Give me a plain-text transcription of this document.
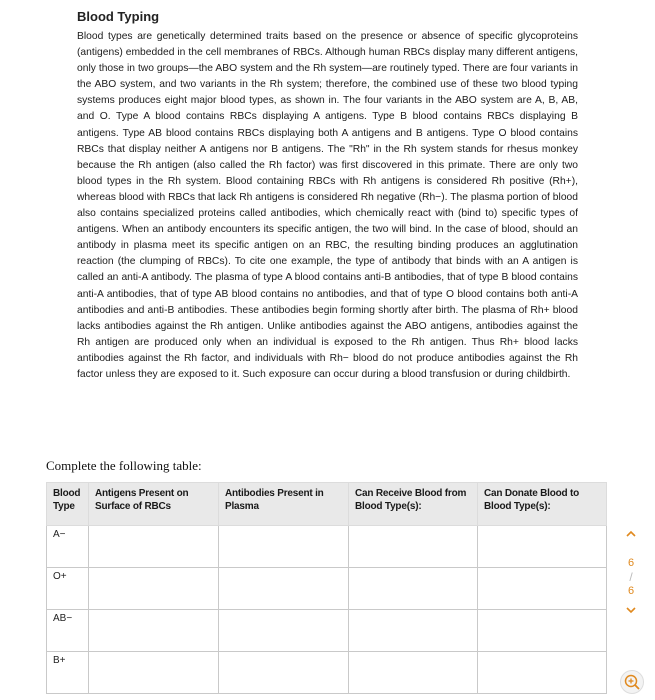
Blood Typing

Blood types are genetically determined traits based on the presence or absence of specific glycoproteins (antigens) embedded in the cell membranes of RBCs. Although human RBCs display many different antigens, only those in two groups—the ABO system and the Rh system—are routinely typed. There are four variants in the ABO system, and two variants in the Rh system; therefore, the combined use of these two blood typing systems produces eight major blood types, as shown in. The four variants in the ABO system are A, B, AB, and O. Type A blood contains RBCs displaying A antigens. Type B blood contains RBCs displaying B antigens. Type AB blood contains RBCs displaying both A antigens and B antigens. Type O blood contains RBCs that display neither A antigens nor B antigens. The "Rh" in the Rh system stands for rhesus monkey because the Rh antigen (also called the Rh factor) was first discovered in this primate. There are only two blood types in the Rh system. Blood containing RBCs with Rh antigens is considered Rh positive (Rh+), whereas blood with RBCs that lack Rh antigens is considered Rh negative (Rh−). The plasma portion of blood also contains specialized proteins called antibodies, which chemically react with (bind to) specific types of antigens. When an antibody encounters its specific antigen, the two will bind. In the case of blood, should an antibody in plasma meet its specific antigen on an RBC, the resulting binding produces an agglutination reaction (the clumping of RBCs). To cite one example, the type of antibody that binds with an A antigen is called an anti-A antibody. The plasma of type A blood contains anti-B antibodies, that of type B blood contains anti-A antibodies, that of type AB blood contains no antibodies, and that of type O blood contains both anti-A antibodies and anti-B antibodies. These antibodies begin forming shortly after birth. The plasma of Rh+ blood lacks antibodies against the Rh antigen. Unlike antibodies against the ABO antigens, antibodies against the Rh antigen are produced only when an individual is exposed to the Rh antigen. Thus Rh+ blood lacks antibodies against the Rh factor, and individuals with Rh− blood do not produce antibodies against the Rh factor unless they are exposed to it. Such exposure can occur during a blood transfusion or during childbirth.

Complete the following table:
Blood Type	Antigens Present on Surface of RBCs	Antibodies Present in Plasma	Can Receive Blood from Blood Type(s):	Can Donate Blood to Blood Type(s):
A−				
O+				
AB−				
B+				
6
/
6
